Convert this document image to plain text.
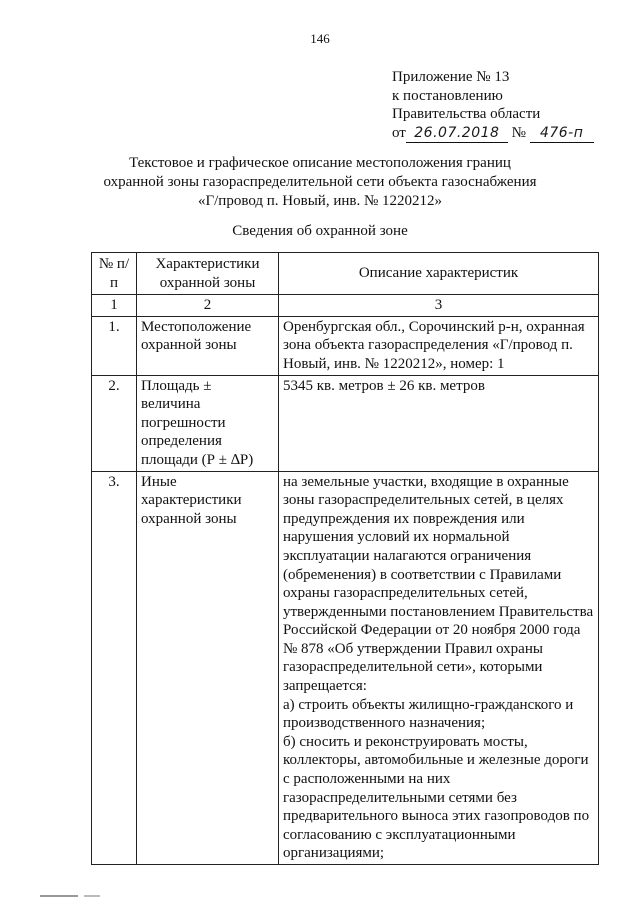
146
Приложение № 13
к постановлению
Правительства области
от 26.07.2018 № 476-п
Текстовое и графическое описание местоположения границ
охранной зоны газораспределительной сети объекта газоснабжения
«Г/провод п. Новый, инв. № 1220212»
Сведения об охранной зоне
№ п/п	Характеристики охранной зоны	Описание характеристик
1	2	3
1.	Местоположение охранной зоны	Оренбургская обл., Сорочинский р-н, охранная зона объекта газораспределения «Г/провод п. Новый, инв. № 1220212», номер: 1
2.	Площадь ± величина погрешности определения площади (Р ± ∆Р)	5345 кв. метров ± 26 кв. метров
3.	Иные характеристики охранной зоны	на земельные участки, входящие в охранные зоны газораспределительных сетей, в целях предупреждения их повреждения или нарушения условий их нормальной эксплуатации налагаются ограничения (обременения) в соответствии с Правилами охраны газораспределительных сетей, утвержденными постановлением Правительства Российской Федерации от 20 ноября 2000 года № 878 «Об утверждении Правил охраны газораспределительной сети», которыми запрещается:
а) строить объекты жилищно-гражданского и производственного назначения;
б) сносить и реконструировать мосты, коллекторы, автомобильные и железные дороги с расположенными на них газораспределительными сетями без предварительного выноса этих газопроводов по согласованию с эксплуатационными организациями;
